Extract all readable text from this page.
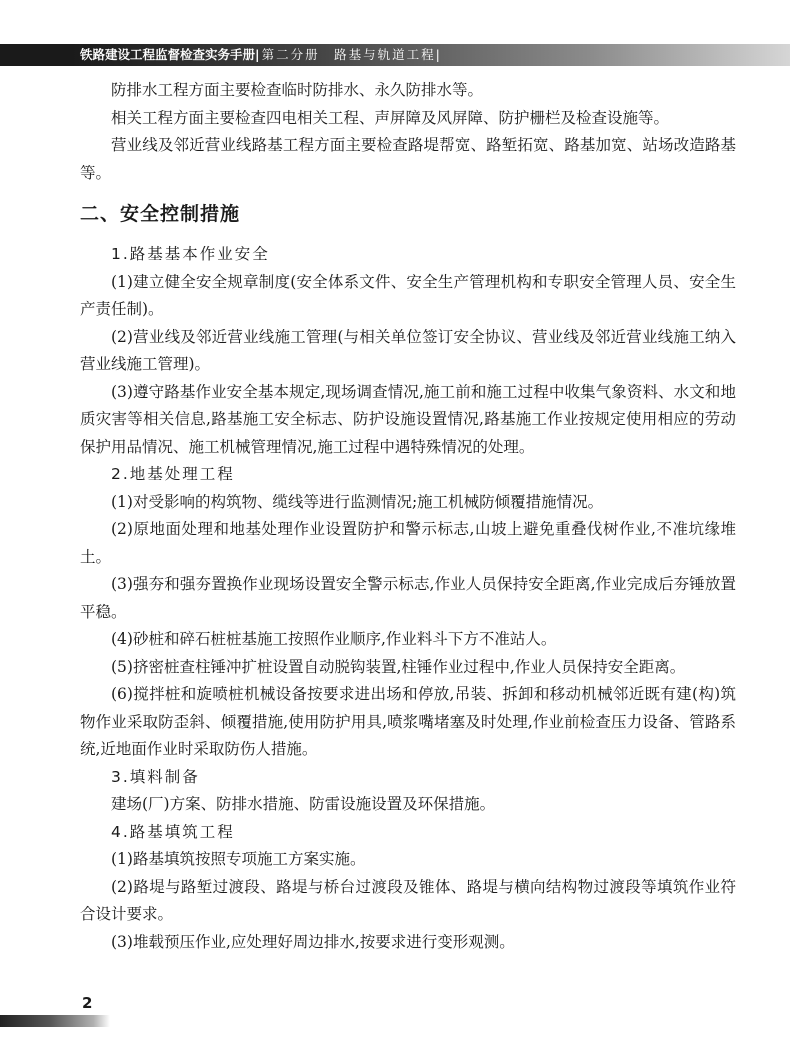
铁路建设工程监督检查实务手册| 第二分册　路基与轨道工程|

防排水工程方面主要检查临时防排水、永久防排水等。

相关工程方面主要检查四电相关工程、声屏障及风屏障、防护栅栏及检查设施等。

营业线及邻近营业线路基工程方面主要检查路堤帮宽、路堑拓宽、路基加宽、站场改造路基等。

二、安全控制措施

1.路基基本作业安全

(1)建立健全安全规章制度(安全体系文件、安全生产管理机构和专职安全管理人员、安全生产责任制)。

(2)营业线及邻近营业线施工管理(与相关单位签订安全协议、营业线及邻近营业线施工纳入营业线施工管理)。

(3)遵守路基作业安全基本规定,现场调查情况,施工前和施工过程中收集气象资料、水文和地质灾害等相关信息,路基施工安全标志、防护设施设置情况,路基施工作业按规定使用相应的劳动保护用品情况、施工机械管理情况,施工过程中遇特殊情况的处理。

2.地基处理工程

(1)对受影响的构筑物、缆线等进行监测情况;施工机械防倾覆措施情况。

(2)原地面处理和地基处理作业设置防护和警示标志,山坡上避免重叠伐树作业,不准坑缘堆土。

(3)强夯和强夯置换作业现场设置安全警示标志,作业人员保持安全距离,作业完成后夯锤放置平稳。

(4)砂桩和碎石桩桩基施工按照作业顺序,作业料斗下方不准站人。

(5)挤密桩查柱锤冲扩桩设置自动脱钩装置,柱锤作业过程中,作业人员保持安全距离。

(6)搅拌桩和旋喷桩机械设备按要求进出场和停放,吊装、拆卸和移动机械邻近既有建(构)筑物作业采取防歪斜、倾覆措施,使用防护用具,喷浆嘴堵塞及时处理,作业前检查压力设备、管路系统,近地面作业时采取防伤人措施。

3.填料制备

建场(厂)方案、防排水措施、防雷设施设置及环保措施。

4.路基填筑工程

(1)路基填筑按照专项施工方案实施。

(2)路堤与路堑过渡段、路堤与桥台过渡段及锥体、路堤与横向结构物过渡段等填筑作业符合设计要求。

(3)堆载预压作业,应处理好周边排水,按要求进行变形观测。

2
